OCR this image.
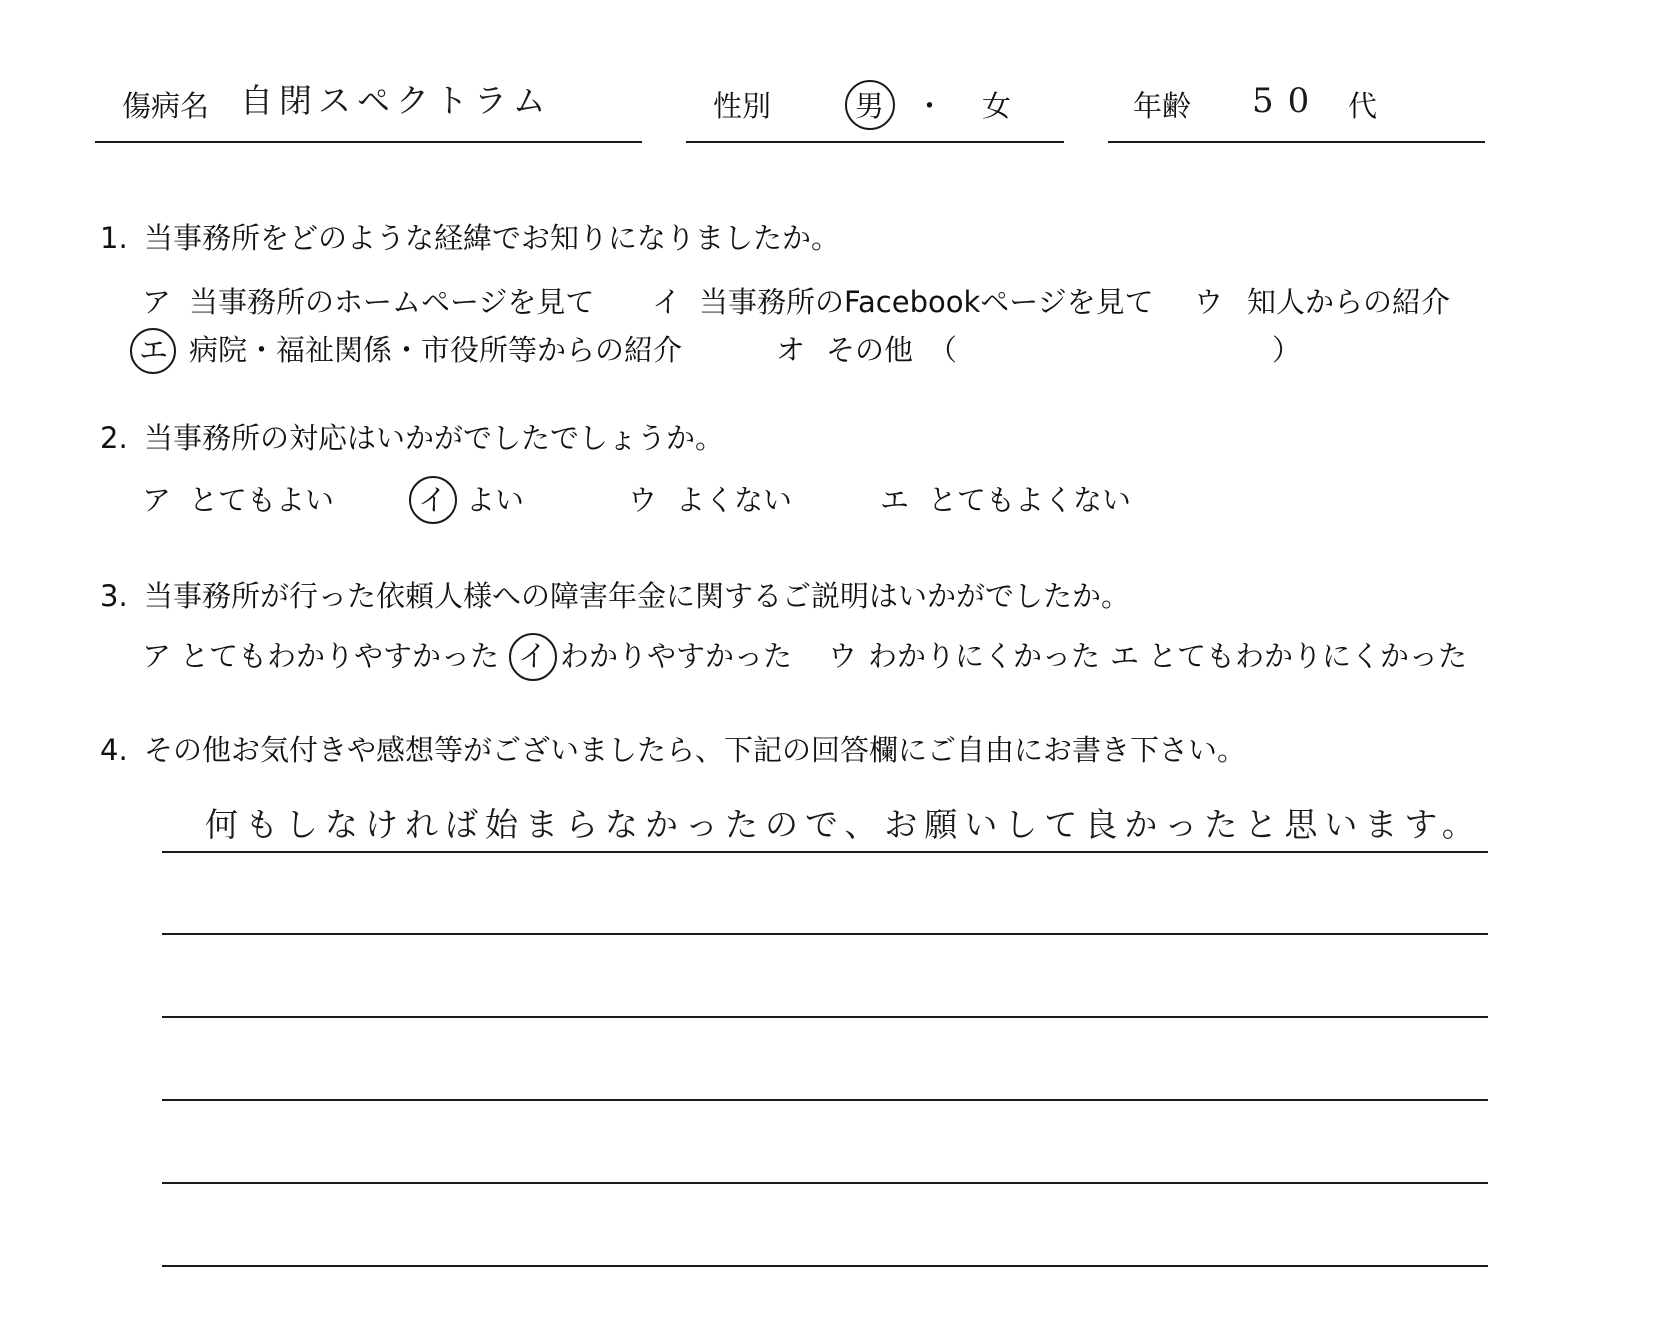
傷病名 自閉スペクトラム	性別	男 ・ 女	年齢 50 代
1. 当事務所をどのような経緯でお知りになりましたか。
ア 当事務所のホームページを見て イ 当事務所のFacebookページを見て ウ 知人からの紹介
エ 病院・福祉関係・市役所等からの紹介	オ その他 （	）
2. 当事務所の対応はいかがでしたでしょうか。
ア とてもよい	イ よい	ウ よくない	エ とてもよくない
3. 当事務所が行った依頼人様への障害年金に関するご説明はいかがでしたか。
ア とてもわかりやすかった イ わかりやすかった ウ わかりにくかった エ とてもわかりにくかった
4. その他お気付きや感想等がございましたら、下記の回答欄にご自由にお書き下さい。
何もしなければ始まらなかったので、お願いして良かったと思います。
